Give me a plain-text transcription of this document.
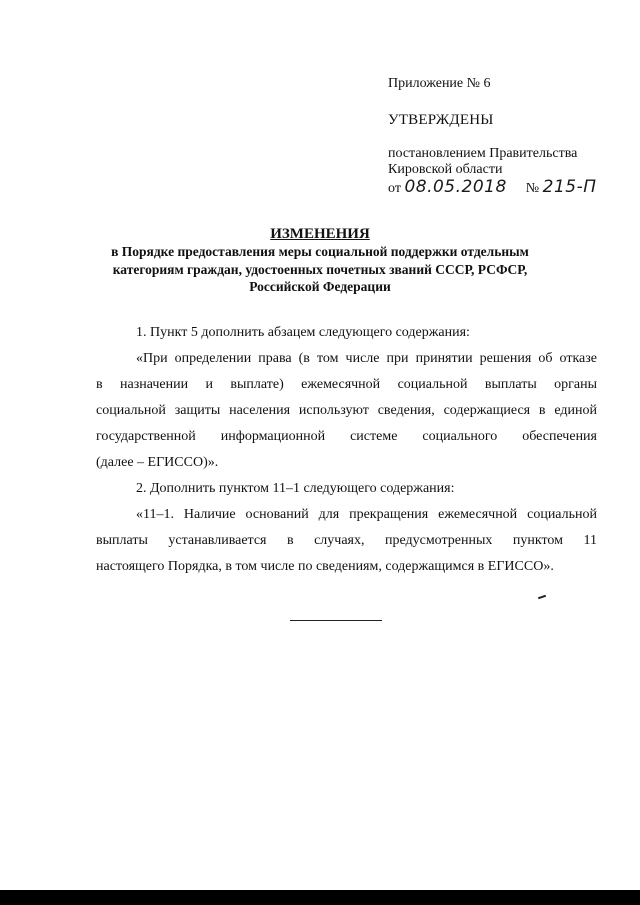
Приложение № 6
УТВЕРЖДЕНЫ
постановлением Правительства
Кировской области
от 08.05.2018 № 215-П
ИЗМЕНЕНИЯ
в Порядке предоставления меры социальной поддержки отдельным
категориям граждан, удостоенных почетных званий СССР, РСФСР,
Российской Федерации
1. Пункт 5 дополнить абзацем следующего содержания:
«При определении права (в том числе при принятии решения об отказе
в назначении и выплате) ежемесячной социальной выплаты органы
социальной защиты населения используют сведения, содержащиеся в единой
государственной информационной системе социального обеспечения
(далее – ЕГИССО)».
2. Дополнить пунктом 11–1 следующего содержания:
«11–1. Наличие оснований для прекращения ежемесячной социальной
выплаты устанавливается в случаях, предусмотренных пунктом 11
настоящего Порядка, в том числе по сведениям, содержащимся в ЕГИССО».
